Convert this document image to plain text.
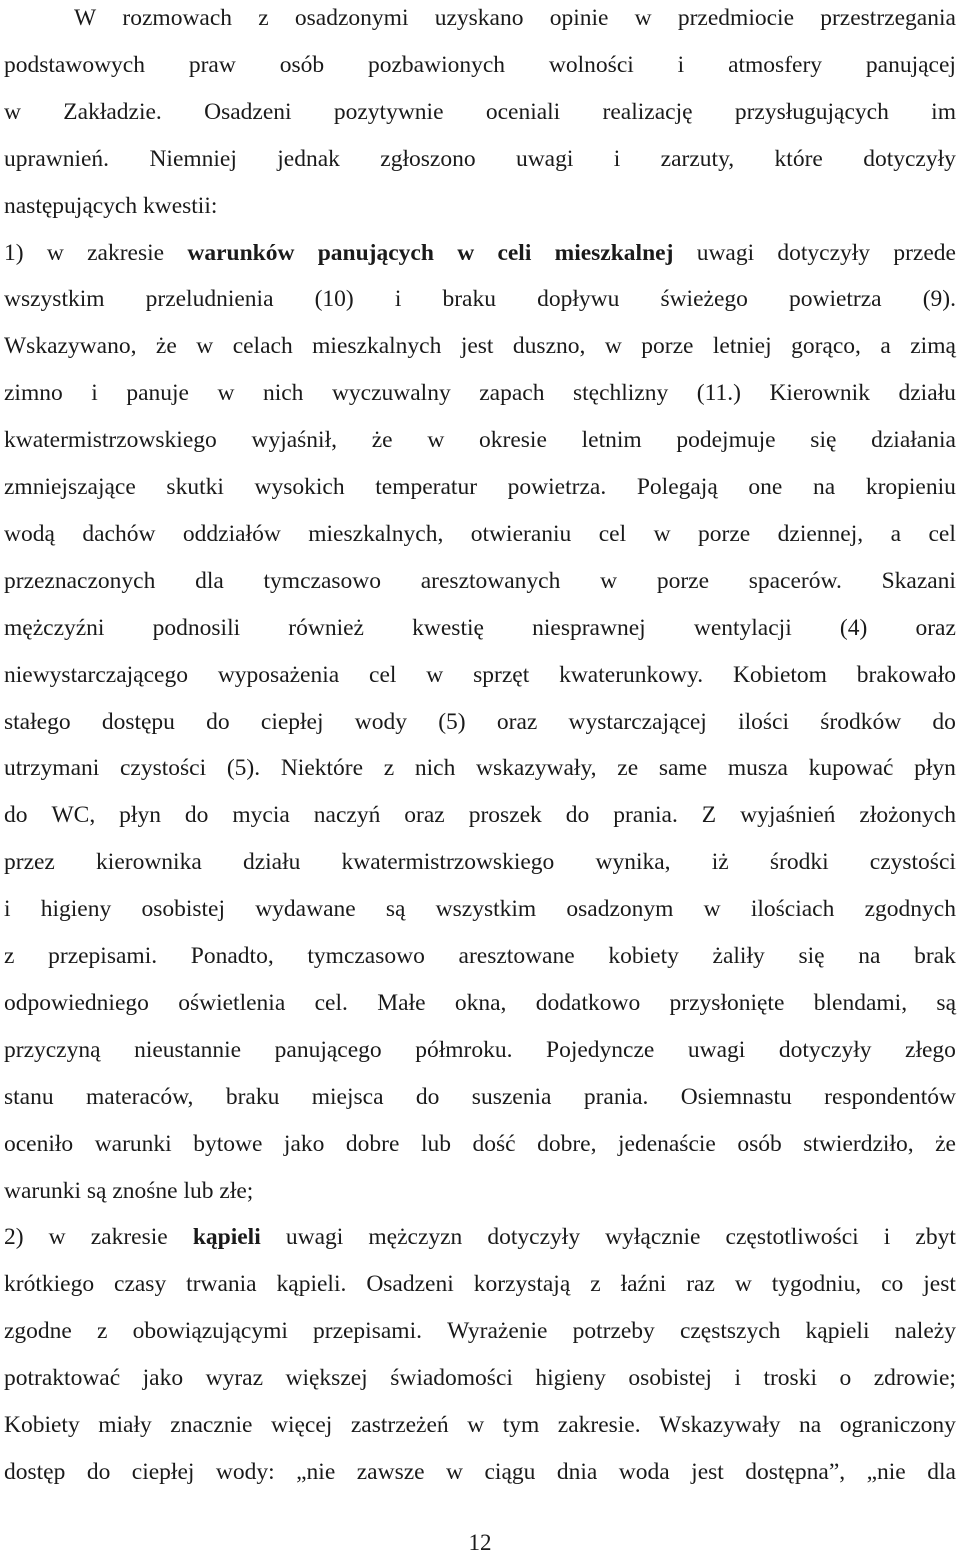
W rozmowach z osadzonymi uzyskano opinie w przedmiocie przestrzegania
podstawowych praw osób pozbawionych wolności i atmosfery panującej
w Zakładzie. Osadzeni pozytywnie oceniali realizację przysługujących im
uprawnień. Niemniej jednak zgłoszono uwagi i zarzuty, które dotyczyły
następujących kwestii:
1) w zakresie warunków panujących w celi mieszkalnej uwagi dotyczyły przede
wszystkim przeludnienia (10) i braku dopływu świeżego powietrza (9).
Wskazywano, że w celach mieszkalnych jest duszno, w porze letniej gorąco, a zimą
zimno i panuje w nich wyczuwalny zapach stęchlizny (11.) Kierownik działu
kwatermistrzowskiego wyjaśnił, że w okresie letnim podejmuje się działania
zmniejszające skutki wysokich temperatur powietrza. Polegają one na kropieniu
wodą dachów oddziałów mieszkalnych, otwieraniu cel w porze dziennej, a cel
przeznaczonych dla tymczasowo aresztowanych w porze spacerów. Skazani
mężczyźni podnosili również kwestię niesprawnej wentylacji (4) oraz
niewystarczającego wyposażenia cel w sprzęt kwaterunkowy. Kobietom brakowało
stałego dostępu do ciepłej wody (5) oraz wystarczającej ilości środków do
utrzymani czystości (5). Niektóre z nich wskazywały, ze same musza kupować płyn
do WC, płyn do mycia naczyń oraz proszek do prania. Z wyjaśnień złożonych
przez kierownika działu kwatermistrzowskiego wynika, iż środki czystości
i higieny osobistej wydawane są wszystkim osadzonym w ilościach zgodnych
z przepisami. Ponadto, tymczasowo aresztowane kobiety żaliły się na brak
odpowiedniego oświetlenia cel. Małe okna, dodatkowo przysłonięte blendami, są
przyczyną nieustannie panującego półmroku. Pojedyncze uwagi dotyczyły złego
stanu materaców, braku miejsca do suszenia prania. Osiemnastu respondentów
oceniło warunki bytowe jako dobre lub dość dobre, jedenaście osób stwierdziło, że
warunki są znośne lub złe;
2) w zakresie kąpieli uwagi mężczyzn dotyczyły wyłącznie częstotliwości i zbyt
krótkiego czasy trwania kąpieli. Osadzeni korzystają z łaźni raz w tygodniu, co jest
zgodne z obowiązującymi przepisami. Wyrażenie potrzeby częstszych kąpieli należy
potraktować jako wyraz większej świadomości higieny osobistej i troski o zdrowie;
Kobiety miały znacznie więcej zastrzeżeń w tym zakresie. Wskazywały na ograniczony
dostęp do ciepłej wody: „nie zawsze w ciągu dnia woda jest dostępna”, „nie dla
12
